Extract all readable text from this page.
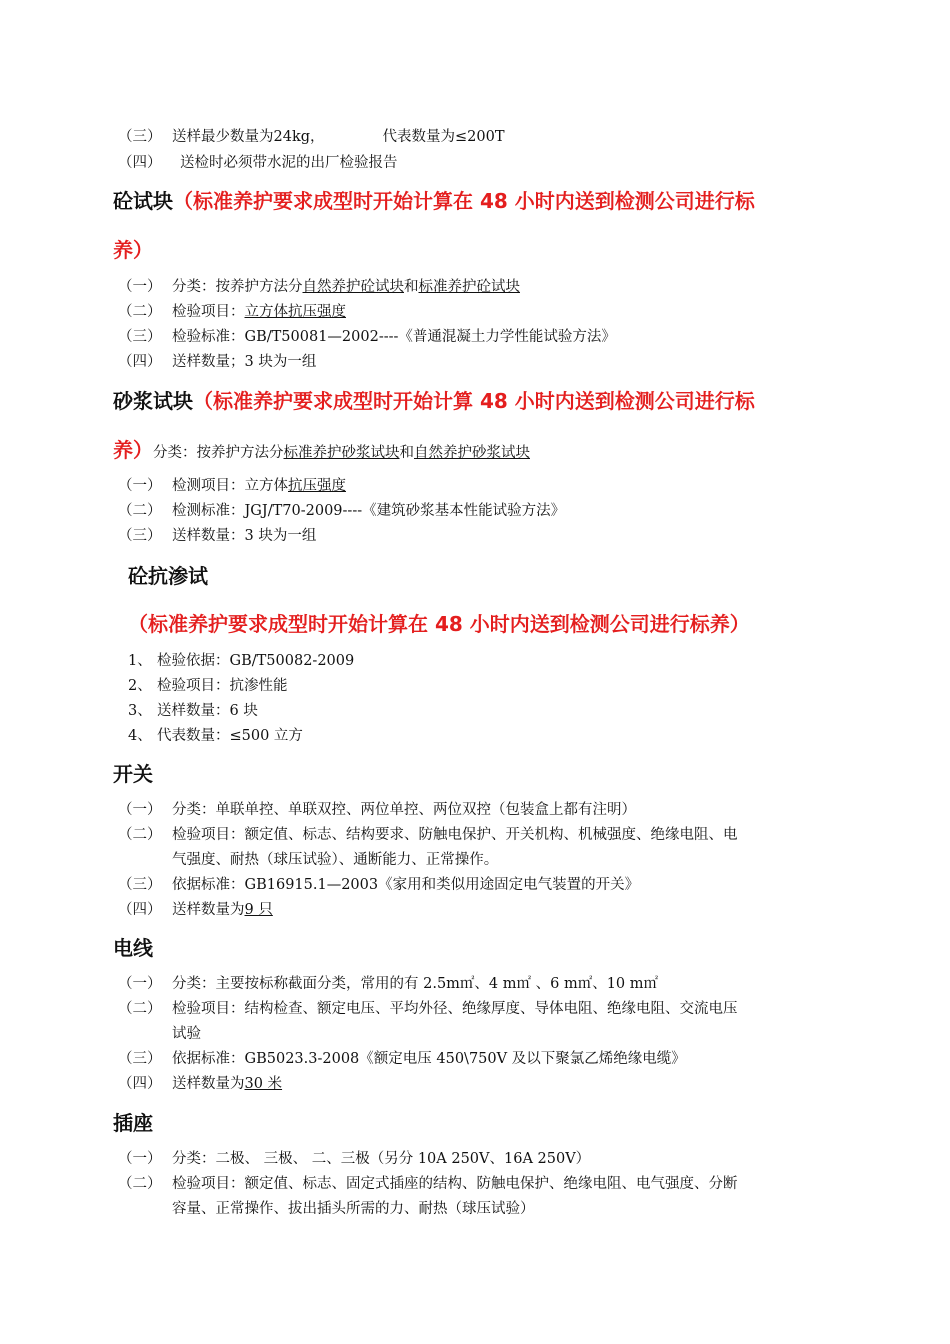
（三） 送样最少数量为24kg，	代表数量为≤200T
（四） 送检时必须带水泥的出厂检验报告
砼试块（标准养护要求成型时开始计算在 48 小时内送到检测公司进行标
养）
（一） 分类：按养护方法分自然养护砼试块和标准养护砼试块
（二） 检验项目：立方体抗压强度
（三） 检验标准：GB/T50081—2002----《普通混凝土力学性能试验方法》
（四） 送样数量；3 块为一组
砂浆试块（标准养护要求成型时开始计算 48 小时内送到检测公司进行标
养）分类：按养护方法分标准养护砂浆试块和自然养护砂浆试块
（一） 检测项目：立方体抗压强度
（二） 检测标准：JGJ/T70-2009----《建筑砂浆基本性能试验方法》
（三） 送样数量：3 块为一组
砼抗渗试
（标准养护要求成型时开始计算在 48 小时内送到检测公司进行标养）
1、 检验依据：GB/T50082-2009
2、 检验项目：抗渗性能
3、 送样数量：6 块
4、 代表数量：≤500 立方
开关
（一） 分类：单联单控、单联双控、两位单控、两位双控（包装盒上都有注明）
（二） 检验项目：额定值、标志、结构要求、防触电保护、开关机构、机械强度、绝缘电阻、电
气强度、耐热（球压试验）、通断能力、正常操作。
（三） 依据标准：GB16915.1—2003《家用和类似用途固定电气装置的开关》
（四） 送样数量为9 只
电线
（一） 分类：主要按标称截面分类，常用的有 2.5m㎡、4 m㎡ 、6 m㎡、10 m㎡
（二） 检验项目：结构检查、额定电压、平均外径、绝缘厚度、导体电阻、绝缘电阻、交流电压
试验
（三） 依据标准：GB5023.3-2008《额定电压 450\750V 及以下聚氯乙烯绝缘电缆》
（四） 送样数量为30 米
插座
（一） 分类：二极、 三极、 二、三极（另分 10A 250V、16A 250V）
（二） 检验项目：额定值、标志、固定式插座的结构、防触电保护、绝缘电阻、电气强度、分断
容量、正常操作、拔出插头所需的力、耐热（球压试验）
